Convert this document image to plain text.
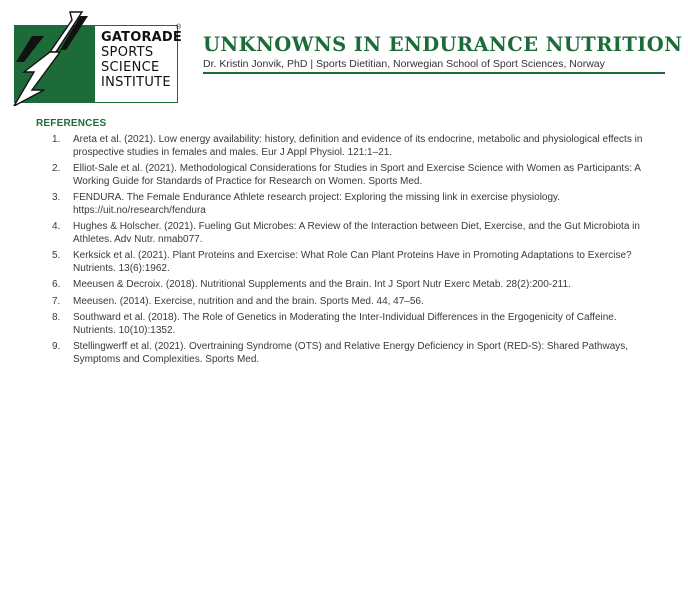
GATORADE
SPORTS
SCIENCE
INSTITUTE
®
UNKNOWNS IN ENDURANCE NUTRITION
Dr. Kristin Jonvik, PhD | Sports Dietitian, Norwegian School of Sport Sciences, Norway
REFERENCES
1. Areta et al. (2021). Low energy availability: history, definition and evidence of its endocrine, metabolic and physiological effects in prospective studies in females and males. Eur J Appl Physiol. 121:1–21.
2. Elliot-Sale et al. (2021). Methodological Considerations for Studies in Sport and Exercise Science with Women as Participants: A Working Guide for Standards of Practice for Research on Women. Sports Med.
3. FENDURA. The Female Endurance Athlete research project: Exploring the missing link in exercise physiology. https://uit.no/research/fendura
4. Hughes & Holscher. (2021). Fueling Gut Microbes: A Review of the Interaction between Diet, Exercise, and the Gut Microbiota in Athletes. Adv Nutr. nmab077.
5. Kerksick et al. (2021). Plant Proteins and Exercise: What Role Can Plant Proteins Have in Promoting Adaptations to Exercise? Nutrients. 13(6):1962.
6. Meeusen & Decroix. (2018). Nutritional Supplements and the Brain. Int J Sport Nutr Exerc Metab. 28(2):200-211.
7. Meeusen. (2014). Exercise, nutrition and and the brain. Sports Med. 44, 47–56.
8. Southward et al. (2018). The Role of Genetics in Moderating the Inter-Individual Differences in the Ergogenicity of Caffeine. Nutrients. 10(10):1352.
9. Stellingwerff et al. (2021). Overtraining Syndrome (OTS) and Relative Energy Deficiency in Sport (RED-S): Shared Pathways, Symptoms and Complexities. Sports Med.
